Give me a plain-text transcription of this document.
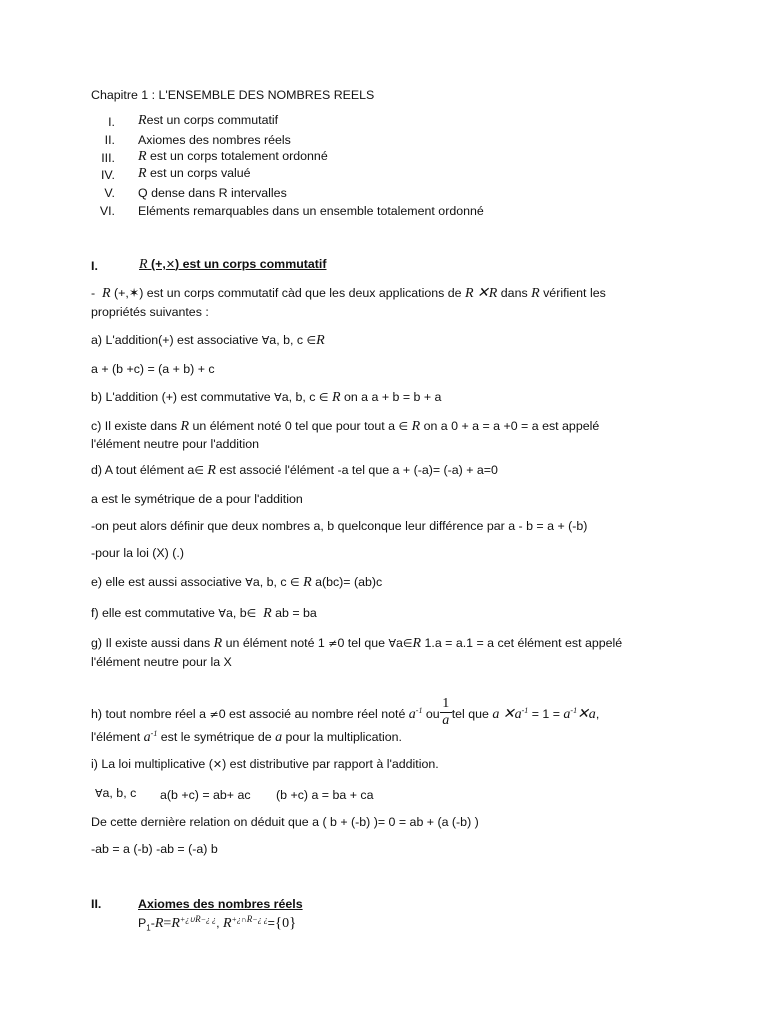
Chapitre 1 : L'ENSEMBLE DES NOMBRES REELS
I. Rest un corps commutatif
II. Axiomes des nombres réels
III. R est un corps totalement ordonné
IV. R est un corps valué
V. Q dense dans R intervalles
VI. Eléments remarquables dans un ensemble totalement ordonné
I.	R (+,✕) est un corps commutatif
- R (+,✶) est un corps commutatif càd que les deux applications de R ✕R dans R vérifient les
propriétés suivantes :
a) L'addition(+) est associative ∀a, b, c ∈R
a + (b +c) = (a + b) + c
b) L'addition (+) est commutative ∀a, b, c ∈ R on a a + b = b + a
c) Il existe dans R un élément noté 0 tel que pour tout a ∈ R on a 0 + a = a +0 = a est appelé
l'élément neutre pour l'addition
d) A tout élément a∈ R est associé l'élément -a tel que a + (-a)= (-a) + a=0
a est le symétrique de a pour l'addition
-on peut alors définir que deux nombres a, b quelconque leur différence par a - b = a + (-b)
-pour la loi (X) (.)
e) elle est aussi associative ∀a, b, c ∈ R a(bc)= (ab)c
f) elle est commutative ∀a, b∈ R ab = ba
g) Il existe aussi dans R un élément noté 1 ≠0 tel que ∀a∈R 1.a = a.1 = a cet élément est appelé
l'élément neutre pour la X
h) tout nombre réel a ≠0 est associé au nombre réel noté $a^{-1}$ ou $\frac{1}{a}$ tel que a $✕a^{-1} = 1$ = $a^{-1}✕a$,
l'élément $a^{-1}$ est le symétrique de a pour la multiplication.
i) La loi multiplicative (✕) est distributive par rapport à l'addition.
∀a, b, c a(b +c) = ab+ ac (b +c) a = ba + ca
De cette dernière relation on déduit que a ( b + (-b) )= 0 = ab + (a (-b) )
-ab = a (-b) -ab = (-a) b
II.	Axiomes des nombres réels
$P_1-R=R^{+¿\cup R-¿ ¿}$, $R^{+¿\cap R-¿ ¿}=\{0\}$
